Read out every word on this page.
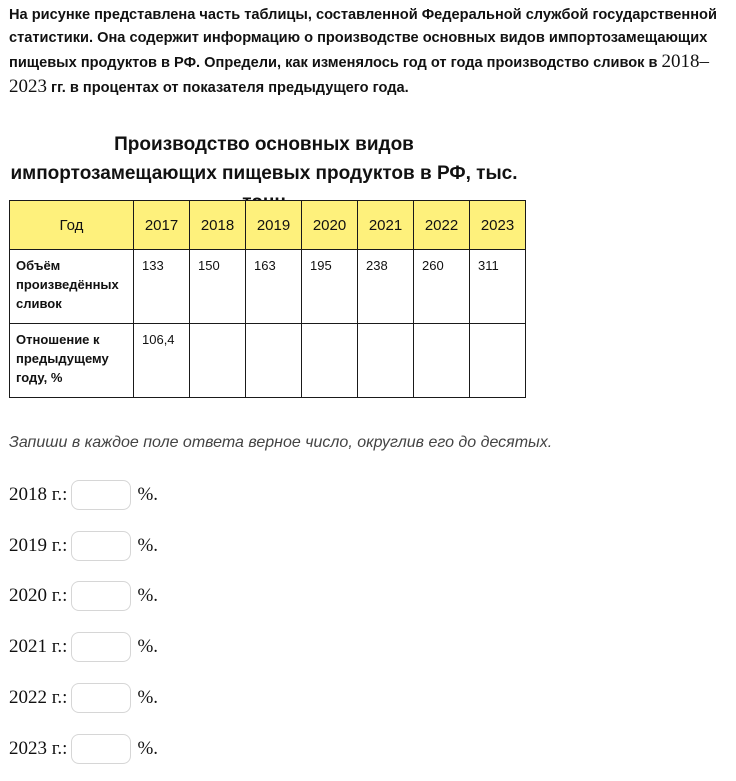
На рисунке представлена часть таблицы, составленной Федеральной службой государственной статистики. Она содержит информацию о производстве основных видов импортозамещающих пищевых продуктов в РФ. Определи, как изменялось год от года производство сливок в 2018–2023 гг. в процентах от показателя предыдущего года.

Производство основных видов импортозамещающих пищевых продуктов в РФ, тыс.
Год	2017	2018	2019	2020	2021	2022	2023
Объём произведённых сливок	133	150	163	195	238	260	311
Отношение к предыдущему году, %	106,4						

Запиши в каждое поле ответа верное число, округлив его до десятых.

2018 г.:	%.
2019 г.:	%.
2020 г.:	%.
2021 г.:	%.
2022 г.:	%.
2023 г.:	%.
